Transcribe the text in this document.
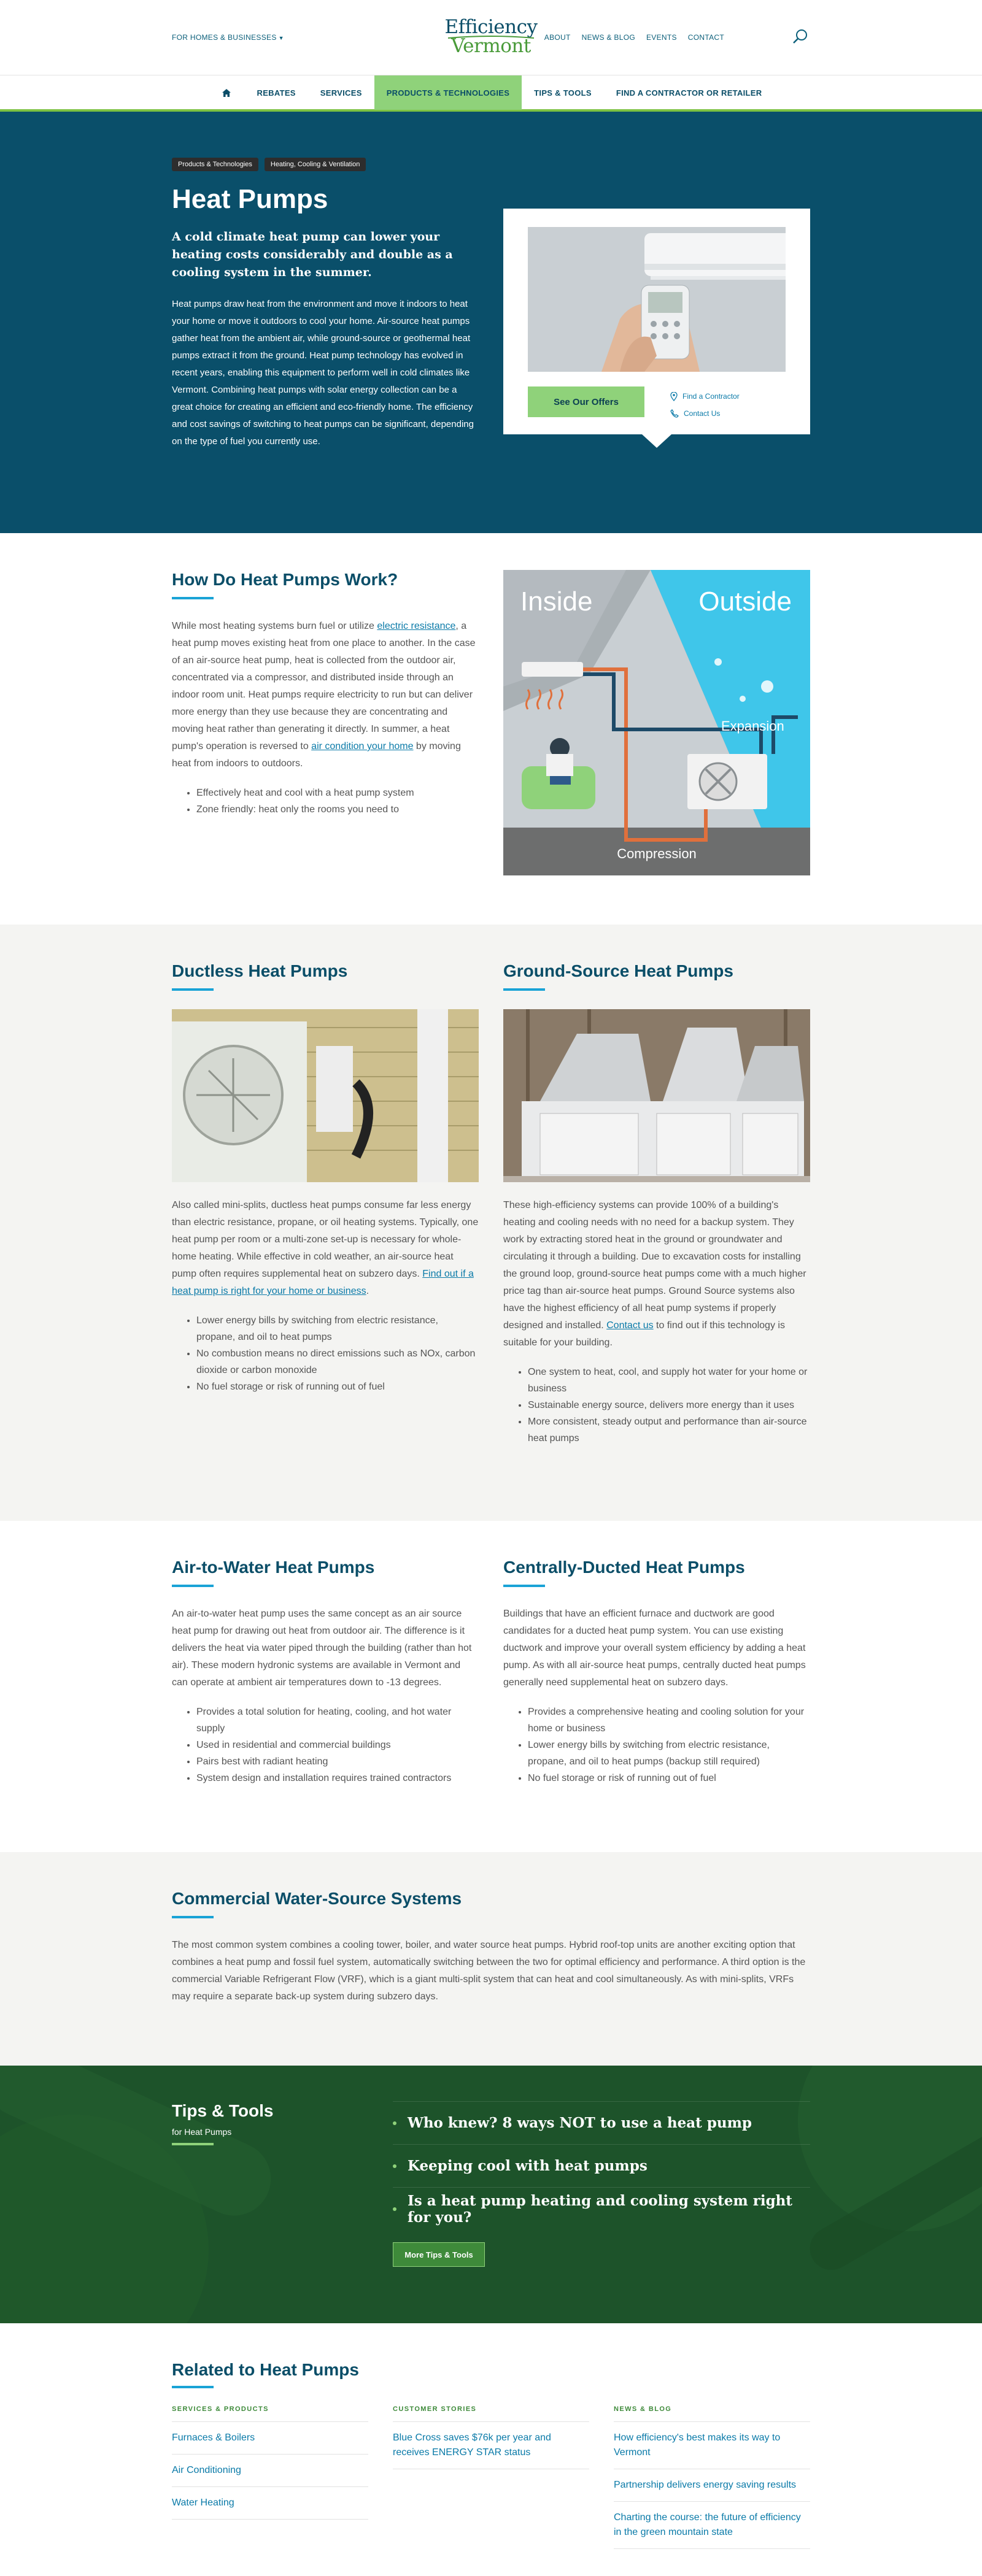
FOR HOMES & BUSINESSES ▼	Efficiency
Vermont	ABOUT NEWS & BLOG EVENTS CONTACT
REBATES	SERVICES	PRODUCTS & TECHNOLOGIES	TIPS & TOOLS	FIND A CONTRACTOR OR RETAILER
Products & Technologies	Heating, Cooling & Ventilation
Heat Pumps

A cold climate heat pump can lower your heating costs considerably and double as a cooling system in the summer.

Heat pumps draw heat from the environment and move it indoors to heat your home or move it outdoors to cool your home. Air-source heat pumps gather heat from the ambient air, while ground-source or geothermal heat pumps extract it from the ground. Heat pump technology has evolved in recent years, enabling this equipment to perform well in cold climates like Vermont. Combining heat pumps with solar energy collection can be a great choice for creating an efficient and eco-friendly home. The efficiency and cost savings of switching to heat pumps can be significant, depending on the type of fuel you currently use.

See Our Offers
Find a Contractor
Contact Us
How Do Heat Pumps Work?

While most heating systems burn fuel or utilize electric resistance, a heat pump moves existing heat from one place to another. In the case of an air-source heat pump, heat is collected from the outdoor air, concentrated via a compressor, and distributed inside through an indoor room unit. Heat pumps require electricity to run but can deliver more energy than they use because they are concentrating and moving heat rather than generating it directly. In summer, a heat pump's operation is reversed to air condition your home by moving heat from indoors to outdoors.

• Effectively heat and cool with a heat pump system
• Zone friendly: heat only the rooms you need to
Inside	Outside
Expansion
Compression
Ductless Heat Pumps

Also called mini-splits, ductless heat pumps consume far less energy than electric resistance, propane, or oil heating systems. Typically, one heat pump per room or a multi-zone set-up is necessary for whole-home heating. While effective in cold weather, an air-source heat pump often requires supplemental heat on subzero days. Find out if a heat pump is right for your home or business.

• Lower energy bills by switching from electric resistance, propane, and oil to heat pumps
• No combustion means no direct emissions such as NOx, carbon dioxide or carbon monoxide
• No fuel storage or risk of running out of fuel
Ground-Source Heat Pumps

These high-efficiency systems can provide 100% of a building's heating and cooling needs with no need for a backup system. They work by extracting stored heat in the ground or groundwater and circulating it through a building. Due to excavation costs for installing the ground loop, ground-source heat pumps come with a much higher price tag than air-source heat pumps. Ground Source systems also have the highest efficiency of all heat pump systems if properly designed and installed. Contact us to find out if this technology is suitable for your building.

• One system to heat, cool, and supply hot water for your home or business
• Sustainable energy source, delivers more energy than it uses
• More consistent, steady output and performance than air-source heat pumps
Air-to-Water Heat Pumps

An air-to-water heat pump uses the same concept as an air source heat pump for drawing out heat from outdoor air. The difference is it delivers the heat via water piped through the building (rather than hot air). These modern hydronic systems are available in Vermont and can operate at ambient air temperatures down to -13 degrees.

• Provides a total solution for heating, cooling, and hot water supply
• Used in residential and commercial buildings
• Pairs best with radiant heating
• System design and installation requires trained contractors
Centrally-Ducted Heat Pumps

Buildings that have an efficient furnace and ductwork are good candidates for a ducted heat pump system. You can use existing ductwork and improve your overall system efficiency by adding a heat pump. As with all air-source heat pumps, centrally ducted heat pumps generally need supplemental heat on subzero days.

• Provides a comprehensive heating and cooling solution for your home or business
• Lower energy bills by switching from electric resistance, propane, and oil to heat pumps (backup still required)
• No fuel storage or risk of running out of fuel
Commercial Water-Source Systems

The most common system combines a cooling tower, boiler, and water source heat pumps. Hybrid roof-top units are another exciting option that combines a heat pump and fossil fuel system, automatically switching between the two for optimal efficiency and performance. A third option is the commercial Variable Refrigerant Flow (VRF), which is a giant multi-split system that can heat and cool simultaneously. As with mini-splits, VRFs may require a separate back-up system during subzero days.

Tips & Tools
for Heat Pumps
Who knew? 8 ways NOT to use a heat pump
Keeping cool with heat pumps
Is a heat pump heating and cooling system right for you?
More Tips & Tools
Related to Heat Pumps
SERVICES & PRODUCTS
Furnaces & Boilers
Air Conditioning
Water Heating
CUSTOMER STORIES
Blue Cross saves $76k per year and receives ENERGY STAR status
NEWS & BLOG
How efficiency's best makes its way to Vermont
Partnership delivers energy saving results
Charting the course: the future of efficiency in the green mountain state
